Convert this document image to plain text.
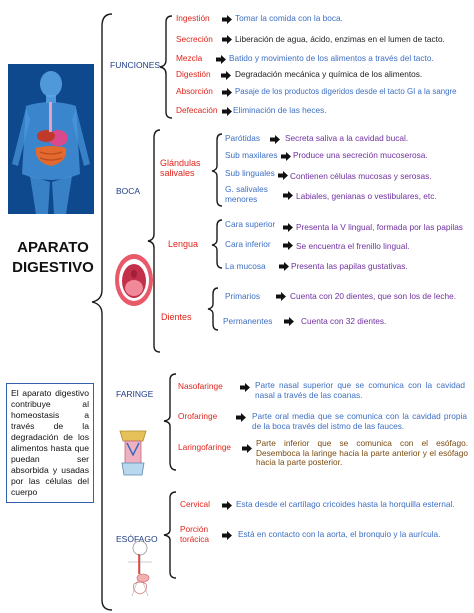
APARATO DIGESTIVO
El aparato digestivo contribuye al homeostasis a través de la degradación de los alimentos hasta que puedan ser absorbida y usadas por las células del cuerpo
FUNCIONES
BOCA
FARINGE
ESÓFAGO
Ingestión	Tomar la comida con la boca.
Secreción	Liberación de agua, ácido, enzimas en el lumen de tacto.
Mezcla	Batido y movimiento de los alimentos a través del tacto.
Digestión	Degradación mecánica y química de los alimentos.
Absorción	Pasaje de los productos digeridos desde el tacto GI a la sangre
Defecación Eliminación de las heces.
Glándulas salivales
Lengua
Dientes
Parótidas	Secreta saliva a la cavidad bucal.
Sub maxilares Produce una secreción mucoserosa.
Sub linguales Contienen células mucosas y serosas.
G. salivales menores	Labiales, genianas o vestibulares, etc.
Cara superior Presenta la V lingual, formada por las papilas
Cara inferior	Se encuentra el frenillo lingual.
La mucosa	Presenta las papilas gustativas.
Primarios	Cuenta con 20 dientes, que son los de leche.
Permanentes	Cuenta con 32 dientes.
Nasofaringe	Parte nasal superior que se comunica con la cavidad nasal a través de las coanas.
Orofaringe	Parte oral media que se comunica con la cavidad propia de la boca través del istmo de las fauces.
Laringofaringe	Parte inferior que se comunica con el esófago. Desemboca la laringe hacia la parte anterior y el esófago hacia la parte posterior.
Cervical	Esta desde el cartílago cricoides hasta la horquilla esternal.
Porción torácica	Está en contacto con la aorta, el bronquio y la aurícula.
